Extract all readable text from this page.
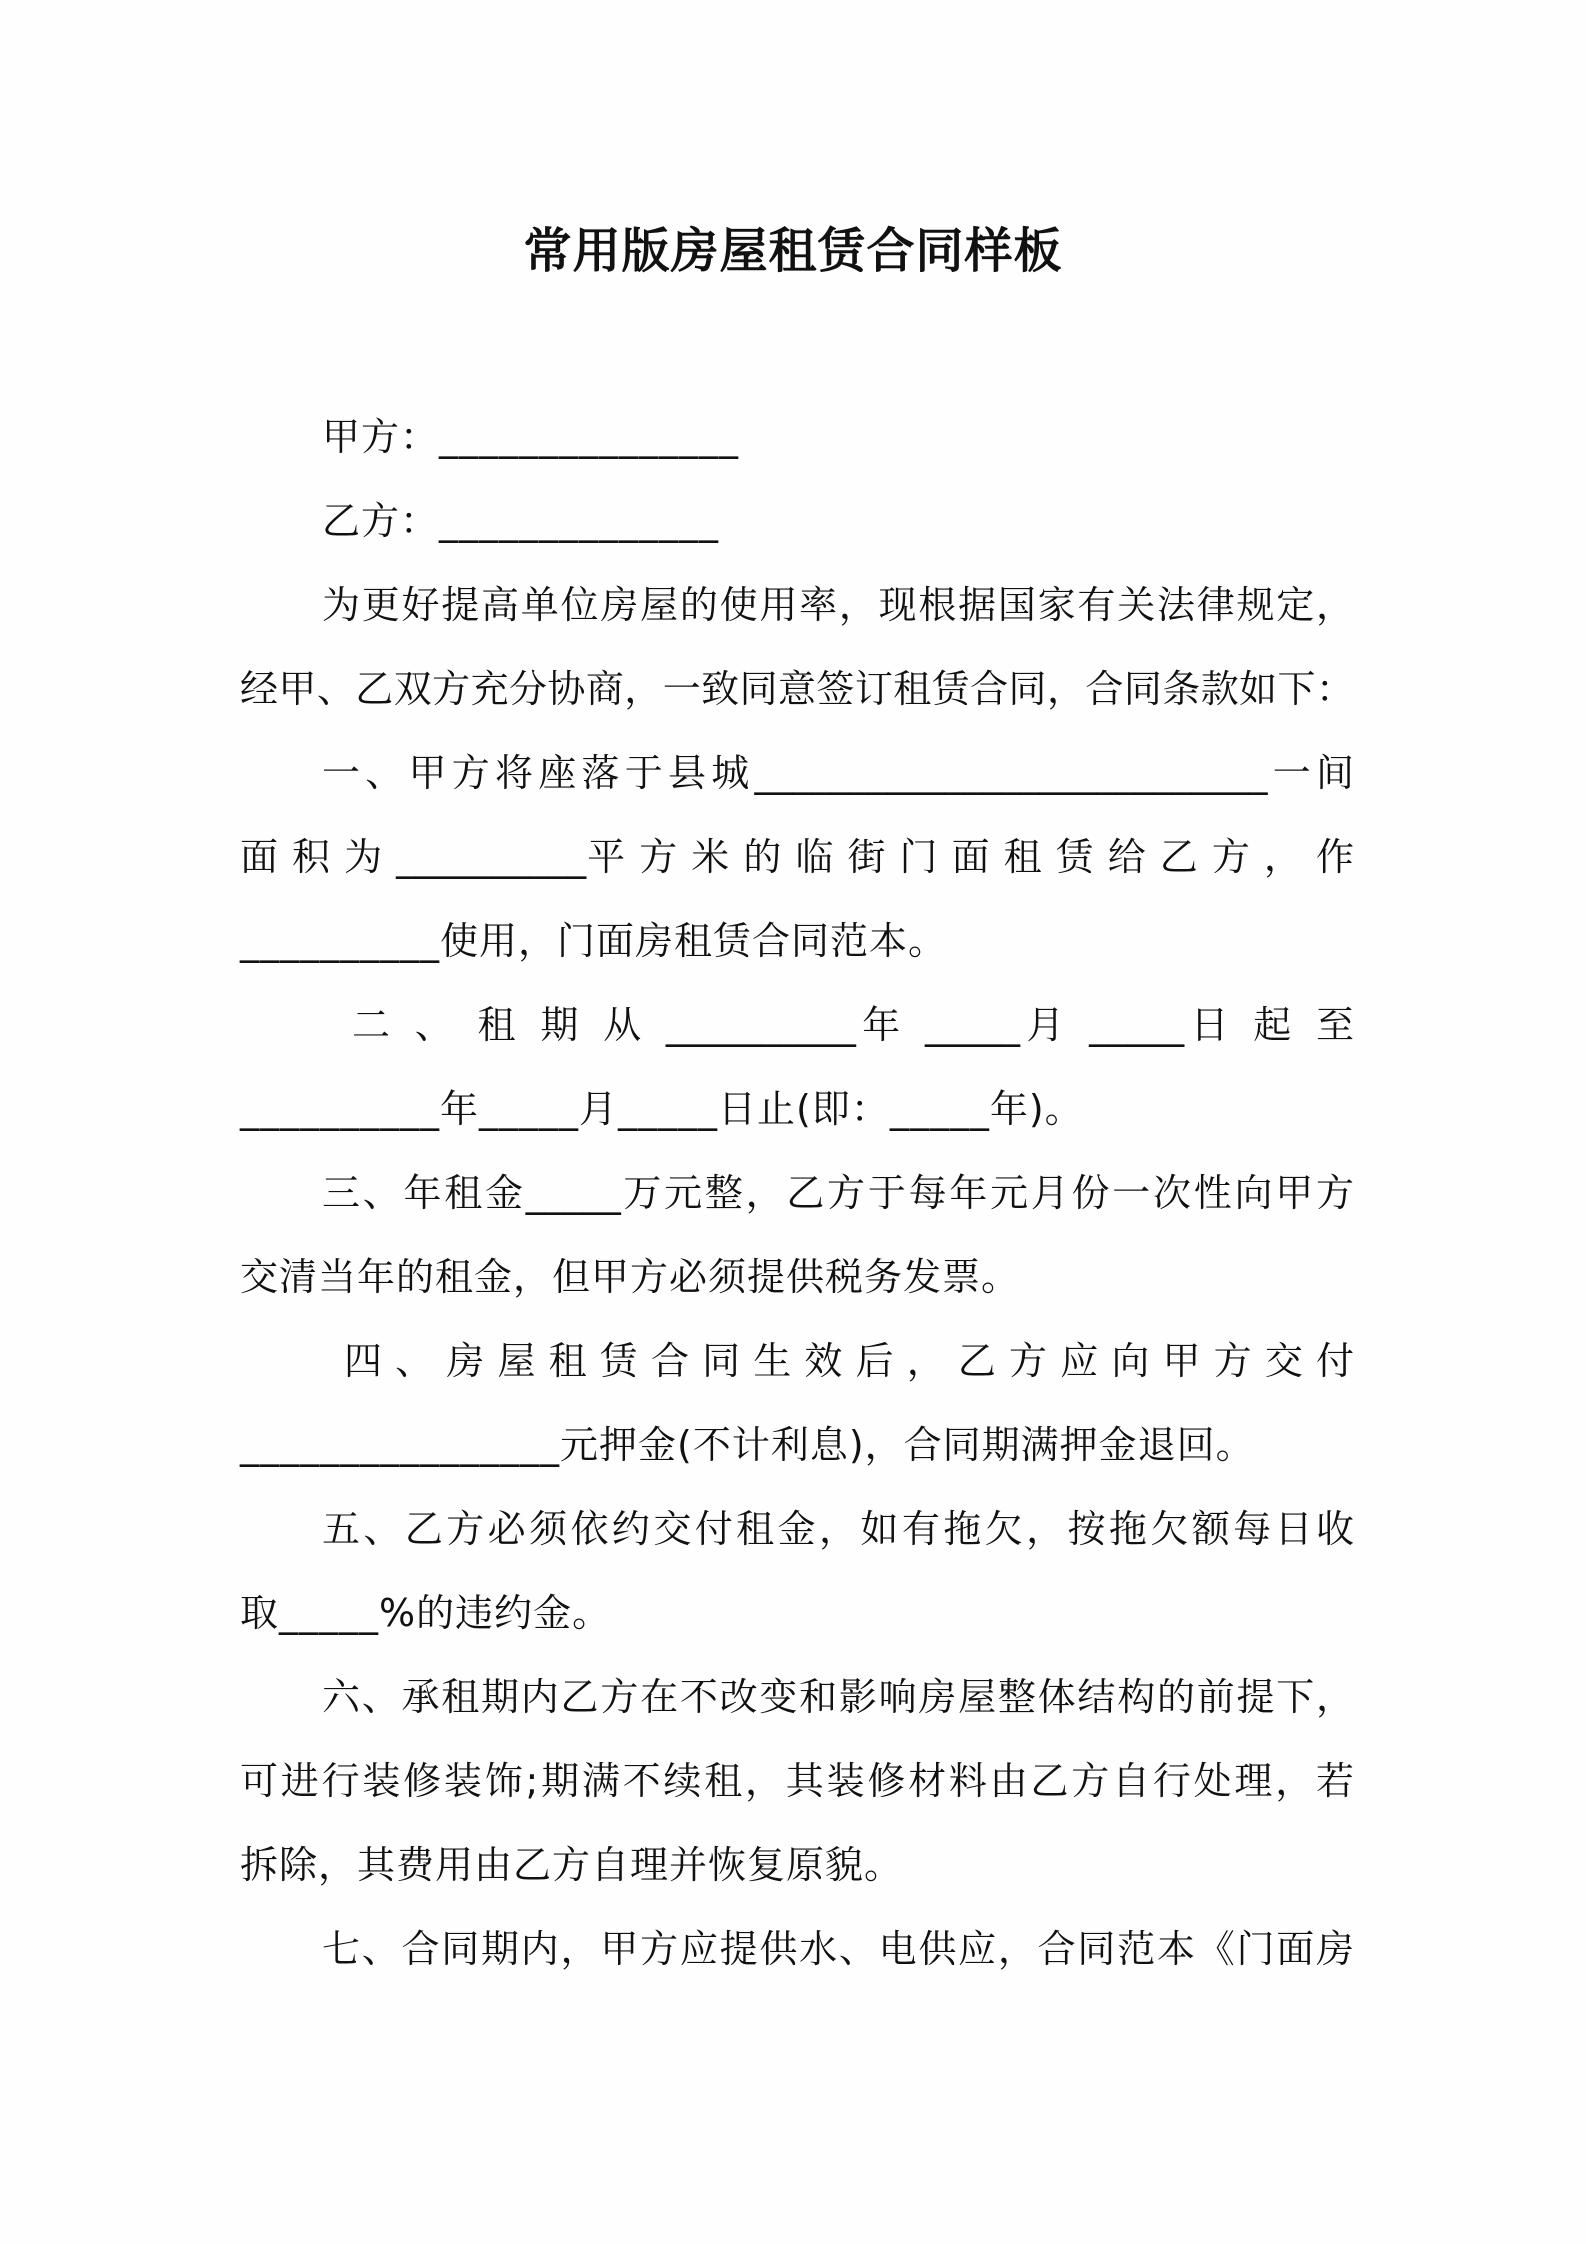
常用版房屋租赁合同样板
甲方：_______________
乙方：______________
为更好提高单位房屋的使用率，现根据国家有关法律规定，
经甲、乙双方充分协商，一致同意签订租赁合同，合同条款如下：
一、甲方将座落于县城___________________________一间
面 积 为 __________平 方 米 的 临 街 门 面 租 赁 给 乙 方 ， 作
__________使用，门面房租赁合同范本。
二 、 租 期 从 __________年 _____月 _____日 起 至
__________年_____月_____日止(即：_____年)。
三、年租金_____万元整，乙方于每年元月份一次性向甲方
交清当年的租金，但甲方必须提供税务发票。
四 、 房 屋 租 赁 合 同 生 效 后 ， 乙 方 应 向 甲 方 交 付
________________元押金(不计利息)，合同期满押金退回。
五、乙方必须依约交付租金，如有拖欠，按拖欠额每日收
取_____%的违约金。
六、承租期内乙方在不改变和影响房屋整体结构的前提下，
可进行装修装饰;期满不续租，其装修材料由乙方自行处理，若
拆除，其费用由乙方自理并恢复原貌。
七、合同期内，甲方应提供水、电供应，合同范本《门面房
